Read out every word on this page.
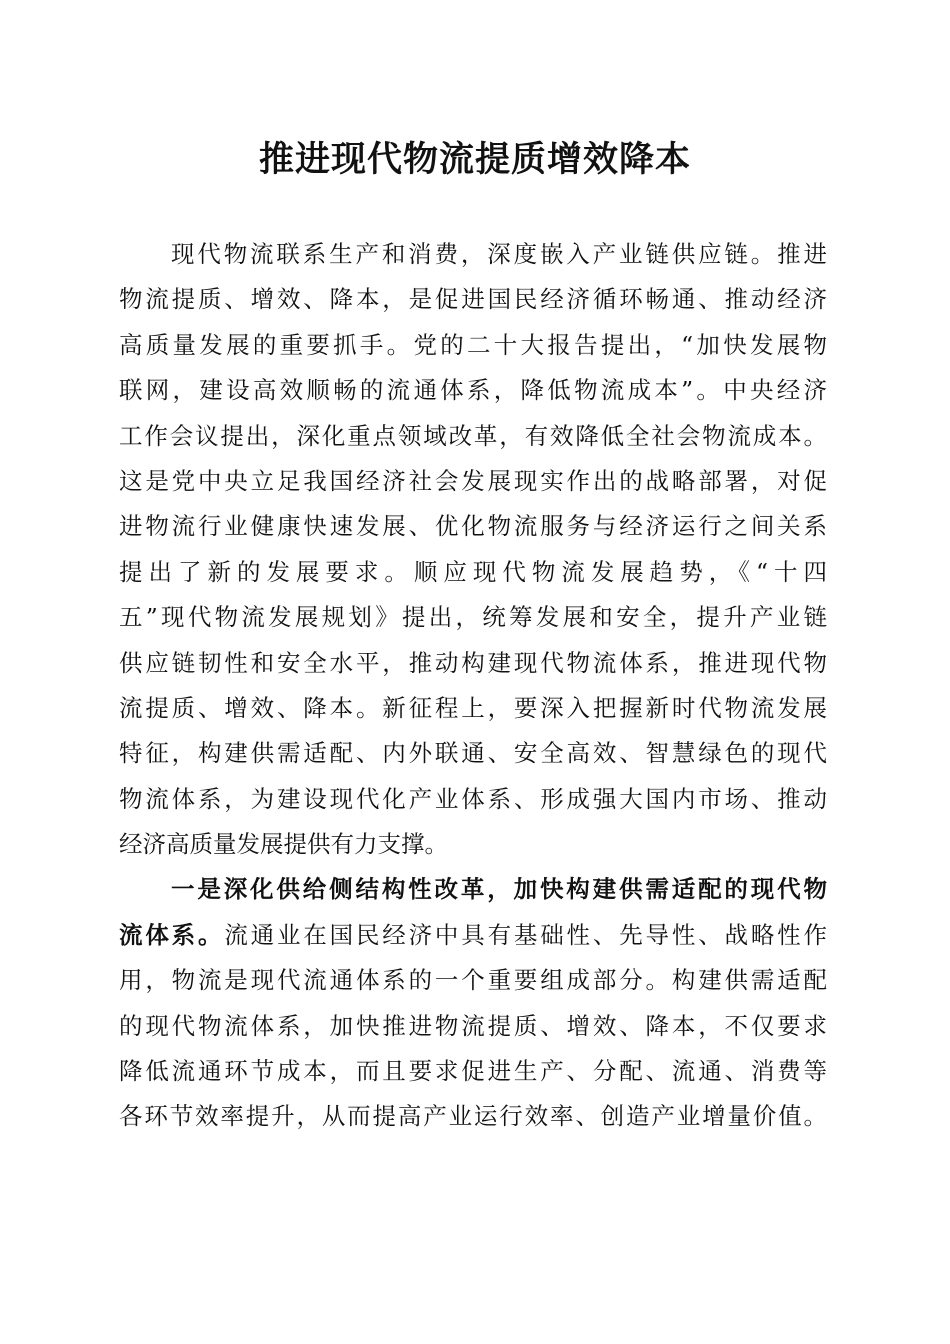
推进现代物流提质增效降本
现代物流联系生产和消费，深度嵌入产业链供应链。推进
物流提质、增效、降本，是促进国民经济循环畅通、推动经济
高质量发展的重要抓手。党的二十大报告提出，“加快发展物
联网，建设高效顺畅的流通体系，降低物流成本”。中央经济
工作会议提出，深化重点领域改革，有效降低全社会物流成本。
这是党中央立足我国经济社会发展现实作出的战略部署，对促
进物流行业健康快速发展、优化物流服务与经济运行之间关系
提出了新的发展要求。顺应现代物流发展趋势，《“十四
五”现代物流发展规划》提出，统筹发展和安全，提升产业链
供应链韧性和安全水平，推动构建现代物流体系，推进现代物
流提质、增效、降本。新征程上，要深入把握新时代物流发展
特征，构建供需适配、内外联通、安全高效、智慧绿色的现代
物流体系，为建设现代化产业体系、形成强大国内市场、推动
经济高质量发展提供有力支撑。
一是深化供给侧结构性改革，加快构建供需适配的现代物
流体系。流通业在国民经济中具有基础性、先导性、战略性作
用，物流是现代流通体系的一个重要组成部分。构建供需适配
的现代物流体系，加快推进物流提质、增效、降本，不仅要求
降低流通环节成本，而且要求促进生产、分配、流通、消费等
各环节效率提升，从而提高产业运行效率、创造产业增量价值。
